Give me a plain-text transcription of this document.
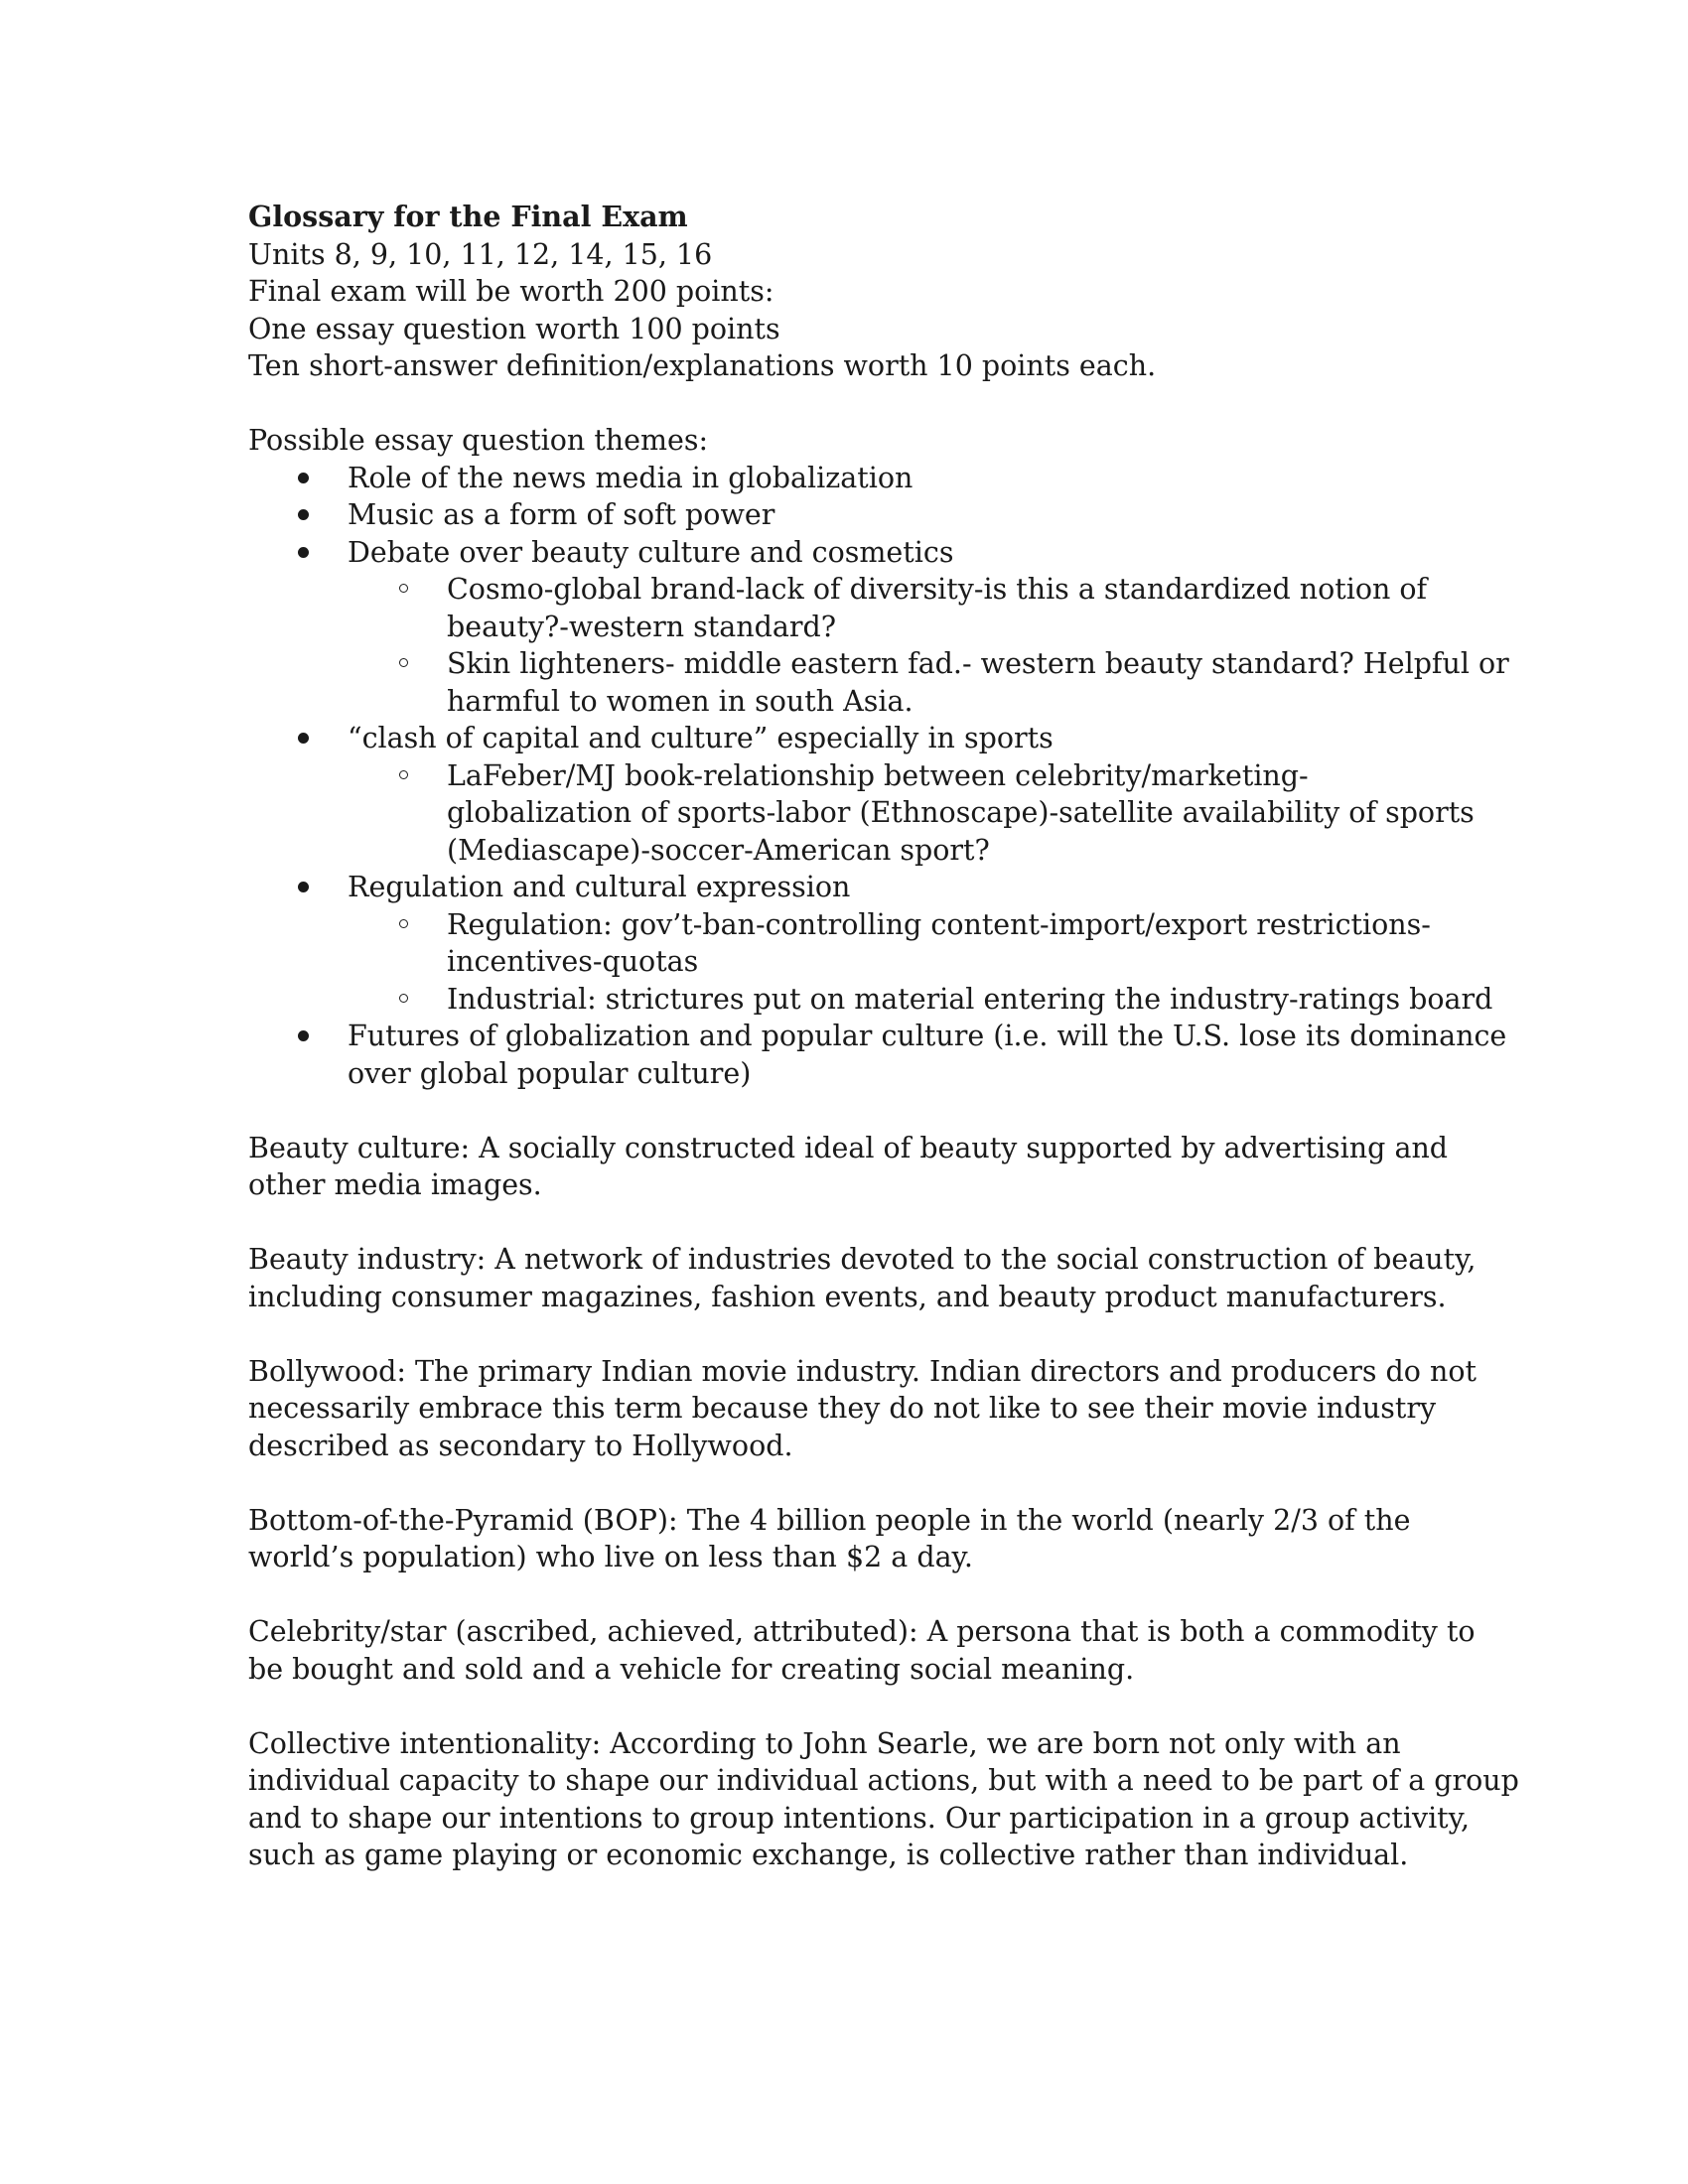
Glossary for the Final Exam
Units 8, 9, 10, 11, 12, 14, 15, 16
Final exam will be worth 200 points:
One essay question worth 100 points
Ten short-answer definition/explanations worth 10 points each.
Possible essay question themes:
Role of the news media in globalization
Music as a form of soft power
Debate over beauty culture and cosmetics
Cosmo-global brand-lack of diversity-is this a standardized notion of
beauty?-western standard?
Skin lighteners- middle eastern fad.- western beauty standard? Helpful or
harmful to women in south Asia.
“clash of capital and culture” especially in sports
LaFeber/MJ book-relationship between celebrity/marketing-
globalization of sports-labor (Ethnoscape)-satellite availability of sports
(Mediascape)-soccer-American sport?
Regulation and cultural expression
Regulation: gov’t-ban-controlling content-import/export restrictions-
incentives-quotas
Industrial: strictures put on material entering the industry-ratings board
Futures of globalization and popular culture (i.e. will the U.S. lose its dominance
over global popular culture)
Beauty culture: A socially constructed ideal of beauty supported by advertising and
other media images.
Beauty industry: A network of industries devoted to the social construction of beauty,
including consumer magazines, fashion events, and beauty product manufacturers.
Bollywood: The primary Indian movie industry. Indian directors and producers do not
necessarily embrace this term because they do not like to see their movie industry
described as secondary to Hollywood.
Bottom-of-the-Pyramid (BOP): The 4 billion people in the world (nearly 2/3 of the
world’s population) who live on less than $2 a day.
Celebrity/star (ascribed, achieved, attributed): A persona that is both a commodity to
be bought and sold and a vehicle for creating social meaning.
Collective intentionality: According to John Searle, we are born not only with an
individual capacity to shape our individual actions, but with a need to be part of a group
and to shape our intentions to group intentions. Our participation in a group activity,
such as game playing or economic exchange, is collective rather than individual.
